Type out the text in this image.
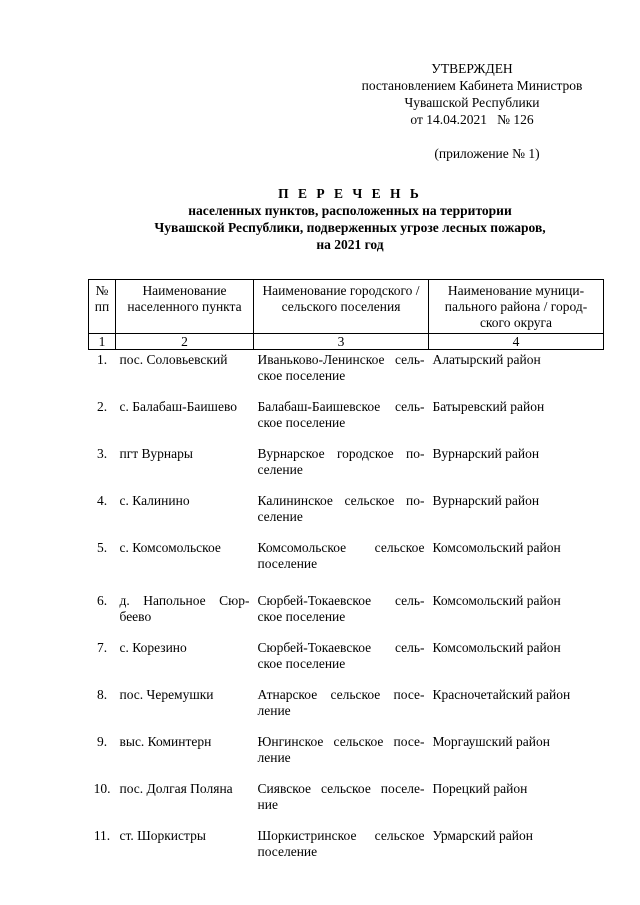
УТВЕРЖДЕН
постановлением Кабинета Министров
Чувашской Республики
от 14.04.2021   № 126
(приложение № 1)
П Е Р Е Ч Е Н Ь
населенных пунктов, расположенных на территории
Чувашской Республики, подверженных угрозе лесных пожаров,
на 2021 год
№ пп	Наименование населенного пункта	Наименование городского / сельского поселения	Наименование муници-пального района / город-ского округа
1	2	3	4
1.	пос. Соловьевский	Иваньково-Ленинское сель-ское поселение	Алатырский район
2.	с. Балабаш-Баишево	Балабаш-Баишевское сель-ское поселение	Батыревский район
3.	пгт Вурнары	Вурнарское городское по-селение	Вурнарский район
4.	с. Калинино	Калининское сельское по-селение	Вурнарский район
5.	с. Комсомольское	Комсомольское сельское поселение	Комсомольский район
6.	д. Напольное Сюр-беево	Сюрбей-Токаевское сель-ское поселение	Комсомольский район
7.	с. Корезино	Сюрбей-Токаевское сель-ское поселение	Комсомольский район
8.	пос. Черемушки	Атнарское сельское посе-ление	Красночетайский район
9.	выс. Коминтерн	Юнгинское сельское посе-ление	Моргаушский район
10.	пос. Долгая Поляна	Сиявское сельское поселе-ние	Порецкий район
11.	ст. Шоркистры	Шоркистринское сельское поселение	Урмарский район
